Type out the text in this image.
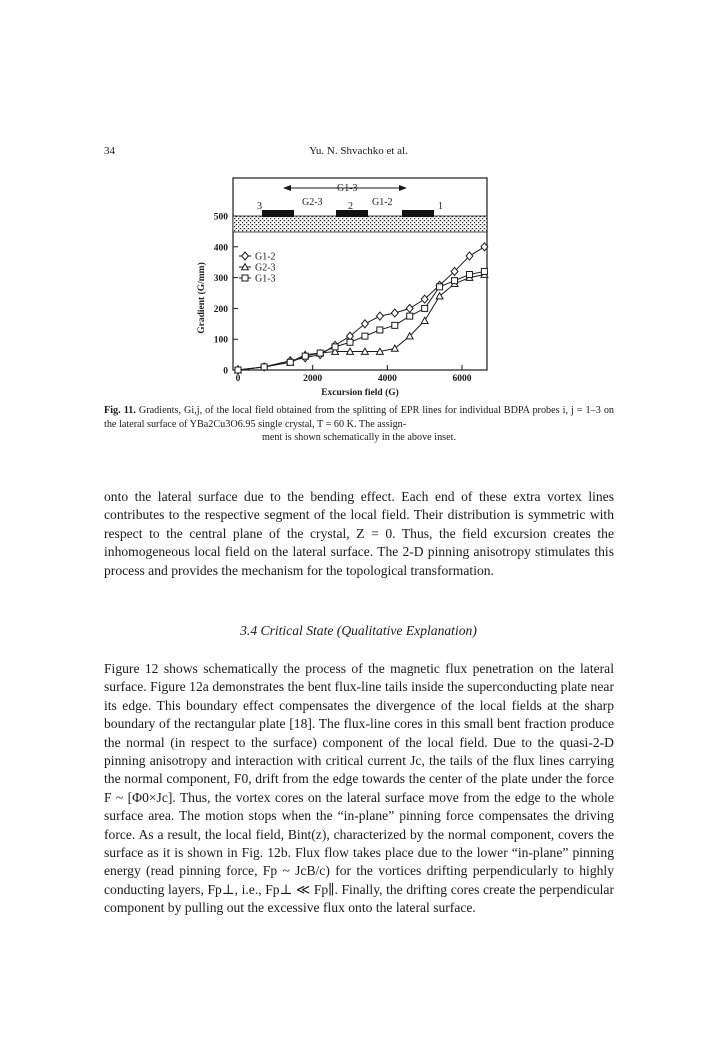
34	Yu. N. Shvachko et al.
3	2	1
G1-3
G2-3	G1-2
0
100
200
300
400
500
0	2000	4000	6000
Excursion field (G)
Gradient (G/mm)
G1-2
G2-3
G1-3
Fig. 11. Gradients, Gi,j, of the local field obtained from the splitting of EPR lines for individual BDPA probes i, j = 1–3 on the lateral surface of YBa2Cu3O6.95 single crystal, T = 60 K. The assign-
ment is shown schematically in the above inset.

onto the lateral surface due to the bending effect. Each end of these extra vortex lines contributes to the respective segment of the local field. Their distribution is symmetric with respect to the central plane of the crystal, Z = 0. Thus, the field excursion creates the inhomogeneous local field on the lateral surface. The 2-D pinning anisotropy stimulates this process and provides the mechanism for the topological transformation.

3.4 Critical State (Qualitative Explanation)

Figure 12 shows schematically the process of the magnetic flux penetration on the lateral surface. Figure 12a demonstrates the bent flux-line tails inside the superconducting plate near its edge. This boundary effect compensates the divergence of the local fields at the sharp boundary of the rectangular plate [18]. The flux-line cores in this small bent fraction produce the normal (in respect to the surface) component of the local field. Due to the quasi-2-D pinning anisotropy and interaction with critical current Jc, the tails of the flux lines carrying the normal component, F0, drift from the edge towards the center of the plate under the force F ~ [Φ0×Jc]. Thus, the vortex cores on the lateral surface move from the edge to the whole surface area. The motion stops when the “in-plane” pinning force compensates the driving force. As a result, the local field, Bint(z), characterized by the normal component, covers the surface as it is shown in Fig. 12b. Flux flow takes place due to the lower “in-plane” pinning energy (read pinning force, Fp ~ JcB/c) for the vortices drifting perpendicularly to highly conducting layers, Fp⊥, i.e., Fp⊥ ≪ Fp∥. Finally, the drifting cores create the perpendicular component by pulling out the excessive flux onto the lateral surface.
